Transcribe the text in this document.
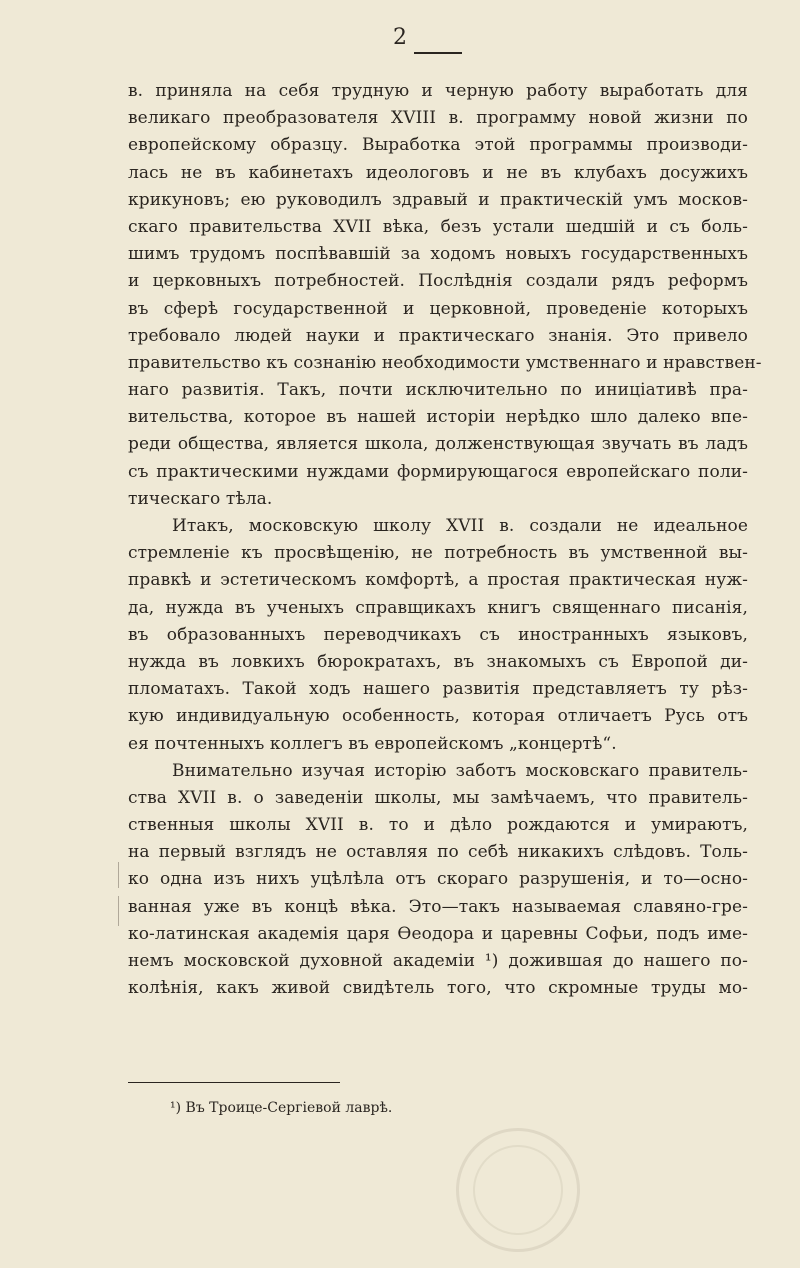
2
в. приняла на себя трудную и черную работу выработать для
великаго преобразователя XVIII в. программу новой жизни по
европейскому образцу. Выработка этой программы производи-
лась не въ кабинетахъ идеологовъ и не въ клубахъ досужихъ
крикуновъ; ею руководилъ здравый и практическій умъ москов-
скаго правительства XVII вѣка, безъ устали шедшій и съ боль-
шимъ трудомъ поспѣвавшій за ходомъ новыхъ государственныхъ
и церковныхъ потребностей. Послѣднія создали рядъ реформъ
въ сферѣ государственной и церковной, проведеніе которыхъ
требовало людей науки и практическаго знанія. Это привело
правительство къ сознанію необходимости умственнаго и нравствен-
наго развитія. Такъ, почти исключительно по иниціативѣ пра-
вительства, которое въ нашей исторіи нерѣдко шло далеко впе-
реди общества, является школа, долженствующая звучать въ ладъ
съ практическими нуждами формирующагося европейскаго поли-
тическаго тѣла.
Итакъ, московскую школу XVII в. создали не идеальное
стремленіе къ просвѣщенію, не потребность въ умственной вы-
правкѣ и эстетическомъ комфортѣ, а простая практическая нуж-
да, нужда въ ученыхъ справщикахъ книгъ священнаго писанія,
въ образованныхъ переводчикахъ съ иностранныхъ языковъ,
нужда въ ловкихъ бюрократахъ, въ знакомыхъ съ Европой ди-
пломатахъ. Такой ходъ нашего развитія представляетъ ту рѣз-
кую индивидуальную особенность, которая отличаетъ Русь отъ
ея почтенныхъ коллегъ въ европейскомъ „концертѣ“.
Внимательно изучая исторію заботъ московскаго правитель-
ства XVII в. о заведеніи школы, мы замѣчаемъ, что правитель-
ственныя школы XVII в. то и дѣло рождаются и умираютъ,
на первый взглядъ не оставляя по себѣ никакихъ слѣдовъ. Толь-
ко одна изъ нихъ уцѣлѣла отъ скораго разрушенія, и то—осно-
ванная уже въ концѣ вѣка. Это—такъ называемая славяно-гре-
ко-латинская академія царя Ѳеодора и царевны Софьи, подъ име-
немъ московской духовной академіи ¹) дожившая до нашего по-
колѣнія, какъ живой свидѣтель того, что скромные труды мо-
¹) Въ Троице-Сергіевой лаврѣ.
